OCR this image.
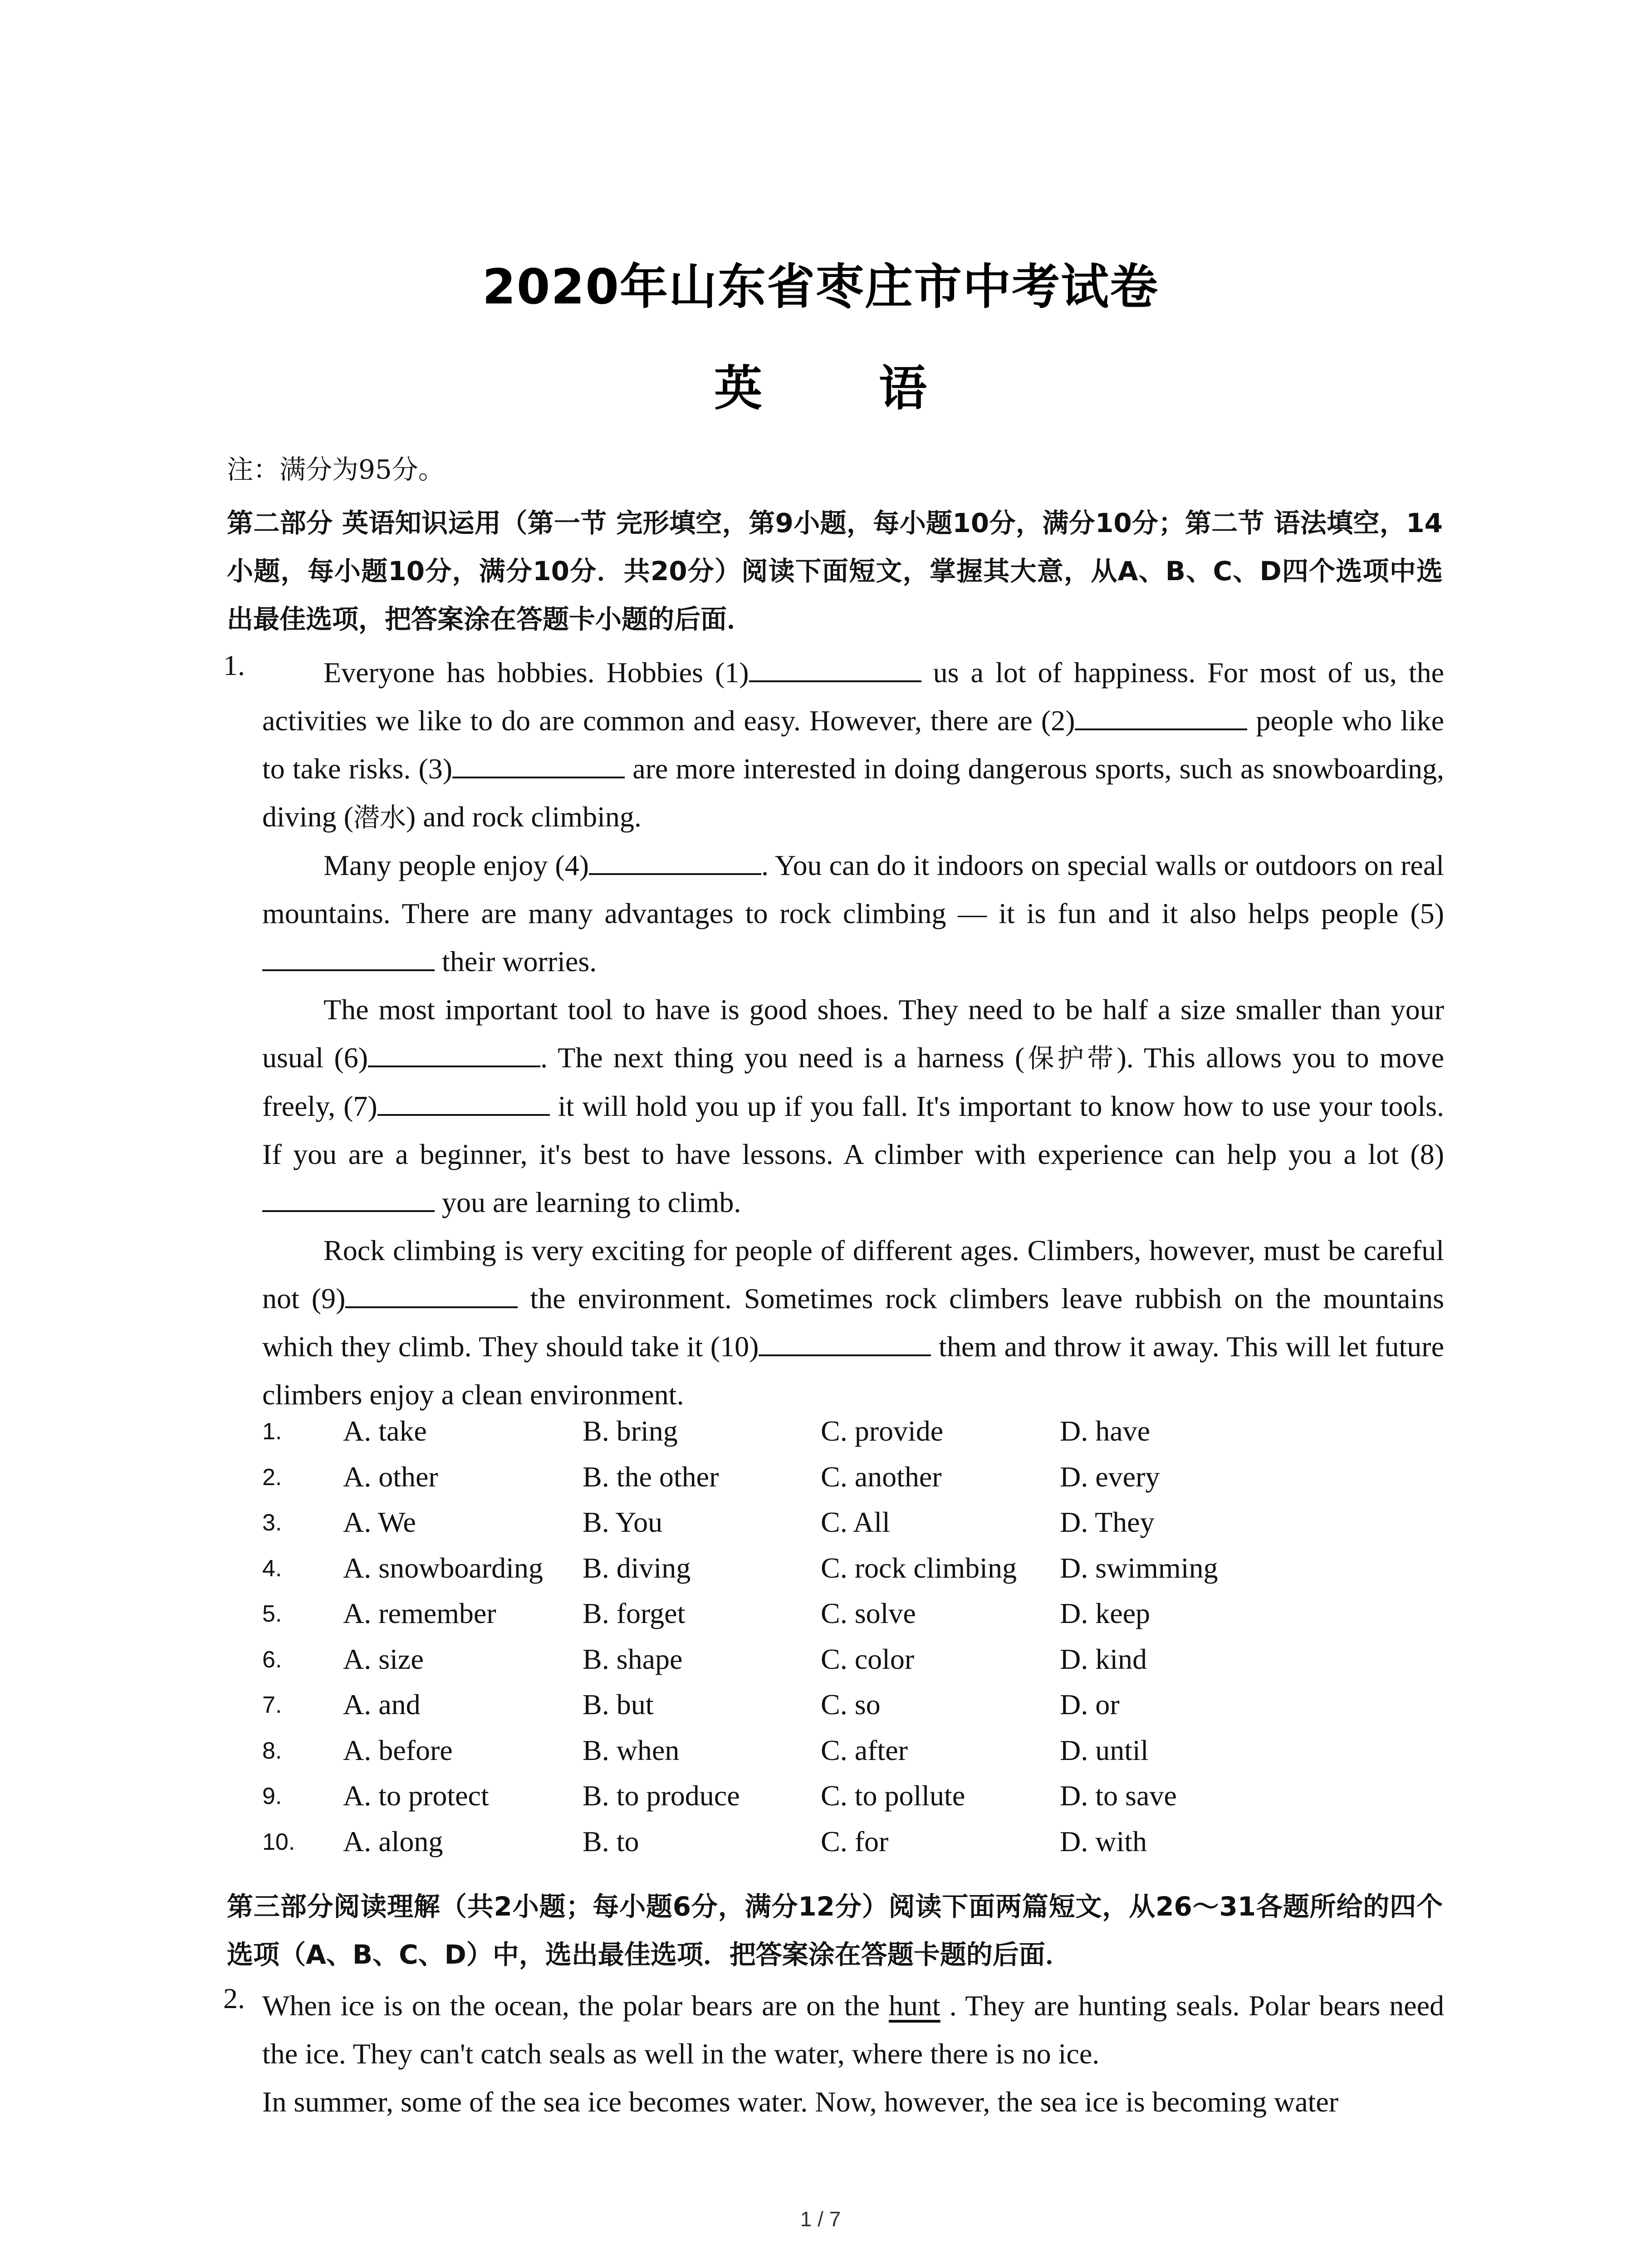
2020年山东省枣庄市中考试卷
英 语
注：满分为95分。
第二部分 英语知识运用（第一节 完形填空，第9小题，每小题10分，满分10分；第二节 语法填空，14小题，每小题10分，满分10分．共20分）阅读下面短文，掌握其大意，从A、B、C、D四个选项中选出最佳选项，把答案涂在答题卡小题的后面．
1.	Everyone has hobbies. Hobbies (1)	us a lot of happiness. For most of us, the activities we like to do are common and easy. However, there are (2)	people who like to take risks. (3)	are more interested in doing dangerous sports, such as snowboarding, diving (潜水) and rock climbing.

Many people enjoy (4)	. You can do it indoors on special walls or outdoors on real mountains. There are many advantages to rock climbing — it is fun and it also helps people (5) their worries.

The most important tool to have is good shoes. They need to be half a size smaller than your usual (6)	. The next thing you need is a harness (保护带). This allows you to move freely, (7)	it will hold you up if you fall. It's important to know how to use your tools. If you are a beginner, it's best to have lessons. A climber with experience can help you a lot (8) you are learning to climb.

Rock climbing is very exciting for people of different ages. Climbers, however, must be careful not (9)	the environment. Sometimes rock climbers leave rubbish on the mountains which they climb. They should take it (10)	them and throw it away. This will let future climbers enjoy a clean environment.

1. A. take	B. bring	C. provide	D. have
2. A. other	B. the other	C. another	D. every
3. A. We	B. You	C. All	D. They
4. A. snowboarding B. diving	C. rock climbing D. swimming
5. A. remember	B. forget	C. solve	D. keep
6. A. size	B. shape	C. color	D. kind
7. A. and	B. but	C. so	D. or
8. A. before	B. when	C. after	D. until
9. A. to protect	B. to produce	C. to pollute	D. to save
10. A. along	B. to	C. for	D. with
第三部分阅读理解（共2小题；每小题6分，满分12分）阅读下面两篇短文，从26～31各题所给的四个选项（A、B、C、D）中，选出最佳选项．把答案涂在答题卡题的后面．
2. When ice is on the ocean, the polar bears are on the hunt . They are hunting seals. Polar bears need the ice. They can't catch seals as well in the water, where there is no ice.

In summer, some of the sea ice becomes water. Now, however, the sea ice is becoming water

1 / 7
